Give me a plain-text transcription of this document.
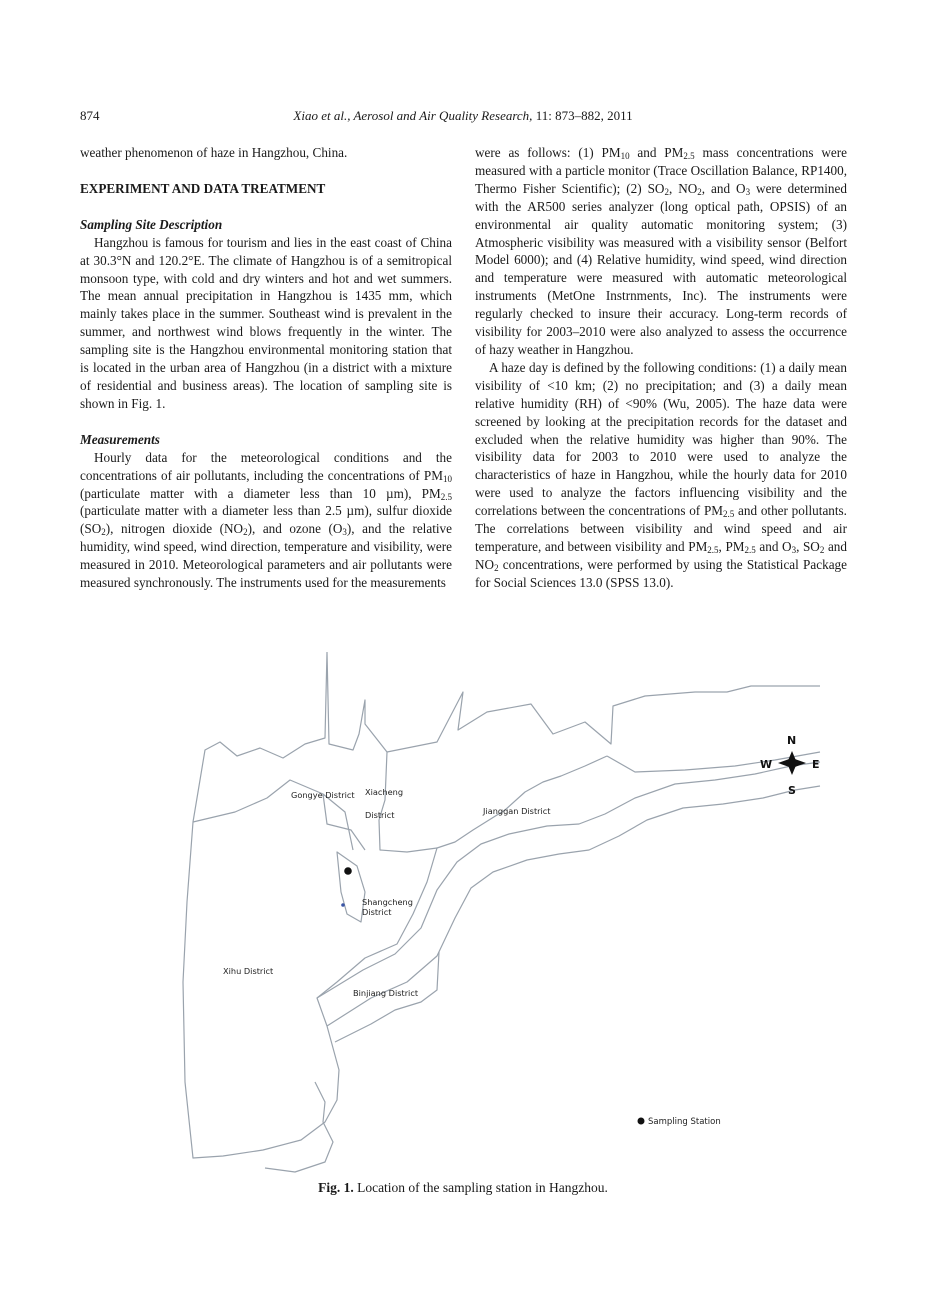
874	Xiao et al., Aerosol and Air Quality Research, 11: 873–882, 2011

weather phenomenon of haze in Hangzhou, China.

EXPERIMENT AND DATA TREATMENT

Sampling Site Description

Hangzhou is famous for tourism and lies in the east coast of China at 30.3°N and 120.2°E. The climate of Hangzhou is of a semitropical monsoon type, with cold and dry winters and hot and wet summers. The mean annual precipitation in Hangzhou is 1435 mm, which mainly takes place in the summer. Southeast wind is prevalent in the summer, and northwest wind blows frequently in the winter. The sampling site is the Hangzhou environmental monitoring station that is located in the urban area of Hangzhou (in a district with a mixture of residential and business areas). The location of sampling site is shown in Fig. 1.

Measurements

Hourly data for the meteorological conditions and the concentrations of air pollutants, including the concentrations of $PM_{10}$ (particulate matter with a diameter less than 10 µm), $PM_{2.5}$ (particulate matter with a diameter less than 2.5 µm), sulfur dioxide $(SO_2)$, nitrogen dioxide $(NO_2)$, and ozone $(O_3)$, and the relative humidity, wind speed, wind direction, temperature and visibility, were measured in 2010. Meteorological parameters and air pollutants were measured synchronously. The instruments used for the measurements

were as follows: (1) $PM_{10}$ and $PM_{2.5}$ mass concentrations were measured with a particle monitor (Trace Oscillation Balance, RP1400, Thermo Fisher Scientific); (2) $SO_2$, $NO_2$, and $O_3$ were determined with the AR500 series analyzer (long optical path, OPSIS) of an environmental air quality automatic monitoring system; (3) Atmospheric visibility was measured with a visibility sensor (Belfort Model 6000); and (4) Relative humidity, wind speed, wind direction and temperature were measured with automatic meteorological instruments (MetOne Instrnments, Inc). The instruments were regularly checked to insure their accuracy. Long-term records of visibility for 2003–2010 were also analyzed to assess the occurrence of hazy weather in Hangzhou.

A haze day is defined by the following conditions: (1) a daily mean visibility of <10 km; (2) no precipitation; and (3) a daily mean relative humidity (RH) of <90% (Wu, 2005). The haze data were screened by looking at the precipitation records for the dataset and excluded when the relative humidity was higher than 90%. The visibility data for 2003 to 2010 were used to analyze the characteristics of haze in Hangzhou, while the hourly data for 2010 were used to analyze the factors influencing visibility and the correlations between the concentrations of $PM_{2.5}$ and other pollutants. The correlations between visibility and wind speed and air temperature, and between visibility and $PM_{2.5}$, $PM_{2.5}$ and $O_3$, $SO_2$ and $NO_2$ concentrations, were performed by using the Statistical Package for Social Sciences 13.0 (SPSS 13.0).

Gongye District Xiacheng
District	Jianggan District
Shangcheng
District
Xihu District
Binjiang District
N
S
E
W
Sampling Station
Fig. 1. Location of the sampling station in Hangzhou.
